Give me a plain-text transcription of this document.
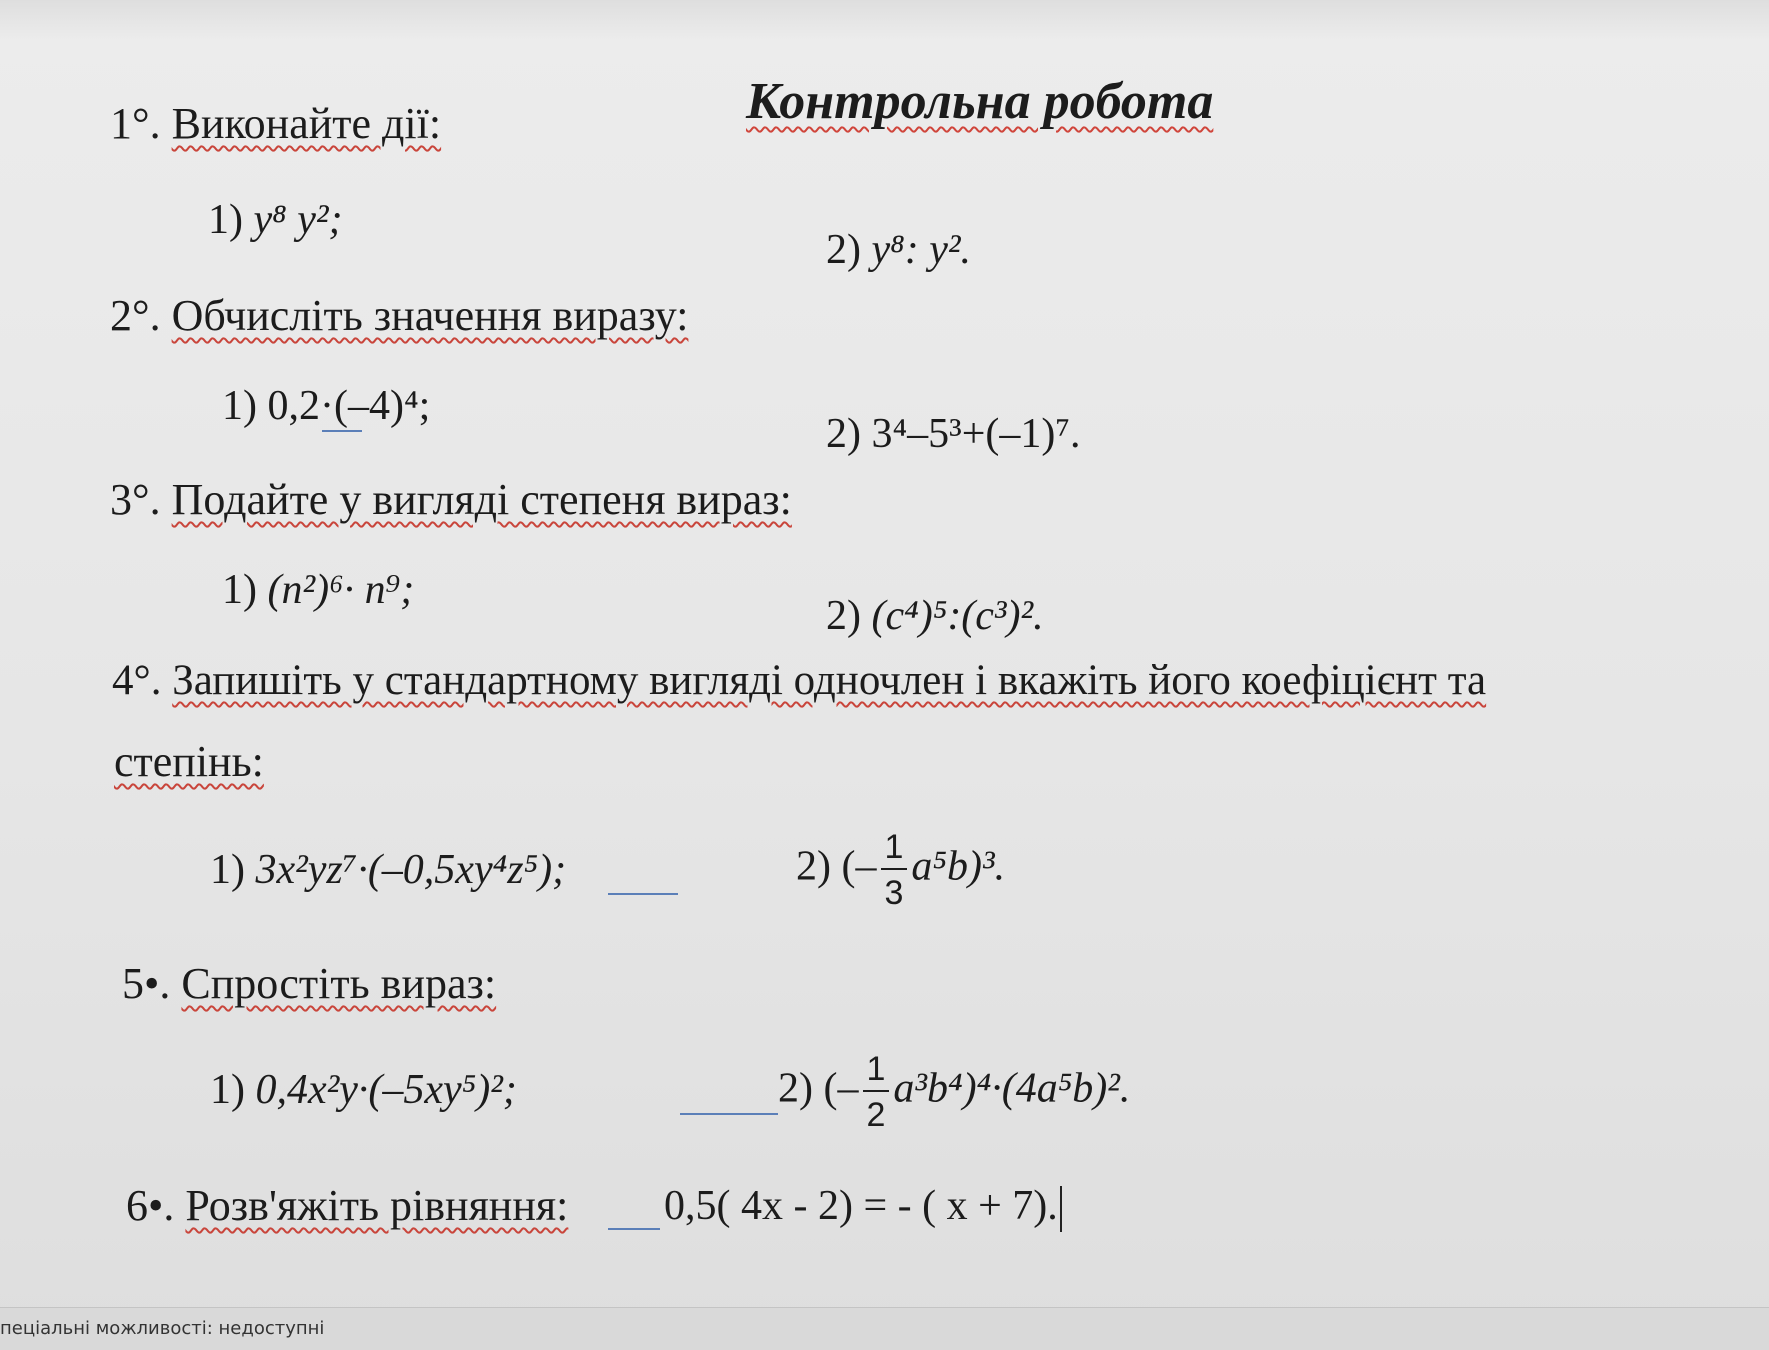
Контрольна робота
1°. Виконайте дії:
1) y⁸ y²;
2) y⁸: y².
2°. Обчисліть значення виразу:
1) 0,2·(–4)⁴;
2) 3⁴–5³+(–1)⁷.
3°. Подайте у вигляді степеня вираз:
1) (n²)⁶· n⁹;
2) (c⁴)⁵:(c³)².
4°. Запишіть у стандартному вигляді одночлен і вкажіть його коефіцієнт та
степінь:
1) 3x²yz⁷·(–0,5xy⁴z⁵);	2) (– $\frac{1}{3} a^5b)^3$.
5•. Спростіть вираз:
1) 0,4x²y·(–5xy⁵)²;	2) (– $\frac{1}{2} a^3b^4)^4\cdot(4a^5b)^2$.
6•. Розв'яжіть рівняння: 0,5( 4x - 2) = - ( x + 7).
пеціальні можливості: недоступні
